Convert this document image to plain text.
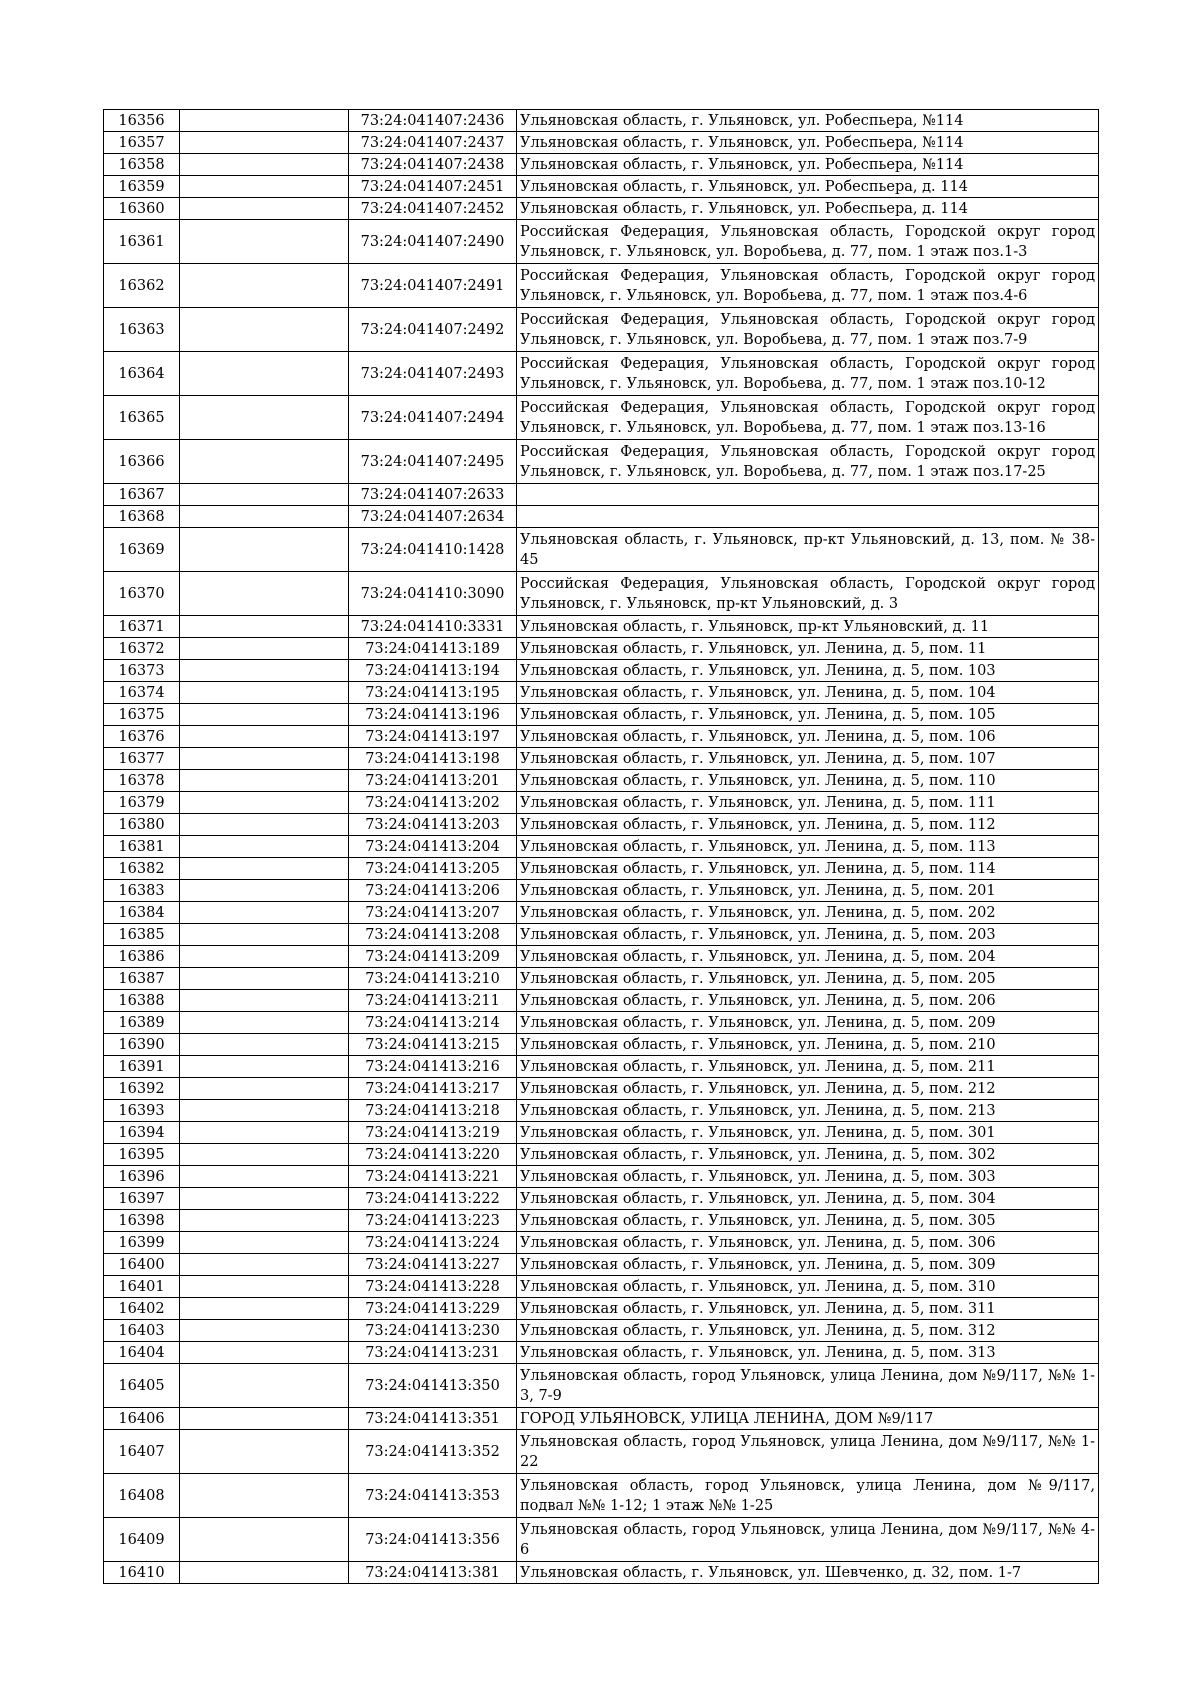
16356		73:24:041407:2436	Ульяновская область, г. Ульяновск, ул. Робеспьера, №114
16357		73:24:041407:2437	Ульяновская область, г. Ульяновск, ул. Робеспьера, №114
16358		73:24:041407:2438	Ульяновская область, г. Ульяновск, ул. Робеспьера, №114
16359		73:24:041407:2451	Ульяновская область, г. Ульяновск, ул. Робеспьера, д. 114
16360		73:24:041407:2452	Ульяновская область, г. Ульяновск, ул. Робеспьера, д. 114
16361		73:24:041407:2490	Российская Федерация, Ульяновская область, Городской округ город Ульяновск, г. Ульяновск, ул. Воробьева, д. 77, пом. 1 этаж поз.1-3
16362		73:24:041407:2491	Российская Федерация, Ульяновская область, Городской округ город Ульяновск, г. Ульяновск, ул. Воробьева, д. 77, пом. 1 этаж поз.4-6
16363		73:24:041407:2492	Российская Федерация, Ульяновская область, Городской округ город Ульяновск, г. Ульяновск, ул. Воробьева, д. 77, пом. 1 этаж поз.7-9
16364		73:24:041407:2493	Российская Федерация, Ульяновская область, Городской округ город Ульяновск, г. Ульяновск, ул. Воробьева, д. 77, пом. 1 этаж поз.10-12
16365		73:24:041407:2494	Российская Федерация, Ульяновская область, Городской округ город Ульяновск, г. Ульяновск, ул. Воробьева, д. 77, пом. 1 этаж поз.13-16
16366		73:24:041407:2495	Российская Федерация, Ульяновская область, Городской округ город Ульяновск, г. Ульяновск, ул. Воробьева, д. 77, пом. 1 этаж поз.17-25
16367		73:24:041407:2633	
16368		73:24:041407:2634	
16369		73:24:041410:1428	Ульяновская область, г. Ульяновск, пр-кт Ульяновский, д. 13, пом. № 38-45
16370		73:24:041410:3090	Российская Федерация, Ульяновская область, Городской округ город Ульяновск, г. Ульяновск, пр-кт Ульяновский, д. 3
16371		73:24:041410:3331	Ульяновская область, г. Ульяновск, пр-кт Ульяновский, д. 11
16372		73:24:041413:189	Ульяновская область, г. Ульяновск, ул. Ленина, д. 5, пом. 11
16373		73:24:041413:194	Ульяновская область, г. Ульяновск, ул. Ленина, д. 5, пом. 103
16374		73:24:041413:195	Ульяновская область, г. Ульяновск, ул. Ленина, д. 5, пом. 104
16375		73:24:041413:196	Ульяновская область, г. Ульяновск, ул. Ленина, д. 5, пом. 105
16376		73:24:041413:197	Ульяновская область, г. Ульяновск, ул. Ленина, д. 5, пом. 106
16377		73:24:041413:198	Ульяновская область, г. Ульяновск, ул. Ленина, д. 5, пом. 107
16378		73:24:041413:201	Ульяновская область, г. Ульяновск, ул. Ленина, д. 5, пом. 110
16379		73:24:041413:202	Ульяновская область, г. Ульяновск, ул. Ленина, д. 5, пом. 111
16380		73:24:041413:203	Ульяновская область, г. Ульяновск, ул. Ленина, д. 5, пом. 112
16381		73:24:041413:204	Ульяновская область, г. Ульяновск, ул. Ленина, д. 5, пом. 113
16382		73:24:041413:205	Ульяновская область, г. Ульяновск, ул. Ленина, д. 5, пом. 114
16383		73:24:041413:206	Ульяновская область, г. Ульяновск, ул. Ленина, д. 5, пом. 201
16384		73:24:041413:207	Ульяновская область, г. Ульяновск, ул. Ленина, д. 5, пом. 202
16385		73:24:041413:208	Ульяновская область, г. Ульяновск, ул. Ленина, д. 5, пом. 203
16386		73:24:041413:209	Ульяновская область, г. Ульяновск, ул. Ленина, д. 5, пом. 204
16387		73:24:041413:210	Ульяновская область, г. Ульяновск, ул. Ленина, д. 5, пом. 205
16388		73:24:041413:211	Ульяновская область, г. Ульяновск, ул. Ленина, д. 5, пом. 206
16389		73:24:041413:214	Ульяновская область, г. Ульяновск, ул. Ленина, д. 5, пом. 209
16390		73:24:041413:215	Ульяновская область, г. Ульяновск, ул. Ленина, д. 5, пом. 210
16391		73:24:041413:216	Ульяновская область, г. Ульяновск, ул. Ленина, д. 5, пом. 211
16392		73:24:041413:217	Ульяновская область, г. Ульяновск, ул. Ленина, д. 5, пом. 212
16393		73:24:041413:218	Ульяновская область, г. Ульяновск, ул. Ленина, д. 5, пом. 213
16394		73:24:041413:219	Ульяновская область, г. Ульяновск, ул. Ленина, д. 5, пом. 301
16395		73:24:041413:220	Ульяновская область, г. Ульяновск, ул. Ленина, д. 5, пом. 302
16396		73:24:041413:221	Ульяновская область, г. Ульяновск, ул. Ленина, д. 5, пом. 303
16397		73:24:041413:222	Ульяновская область, г. Ульяновск, ул. Ленина, д. 5, пом. 304
16398		73:24:041413:223	Ульяновская область, г. Ульяновск, ул. Ленина, д. 5, пом. 305
16399		73:24:041413:224	Ульяновская область, г. Ульяновск, ул. Ленина, д. 5, пом. 306
16400		73:24:041413:227	Ульяновская область, г. Ульяновск, ул. Ленина, д. 5, пом. 309
16401		73:24:041413:228	Ульяновская область, г. Ульяновск, ул. Ленина, д. 5, пом. 310
16402		73:24:041413:229	Ульяновская область, г. Ульяновск, ул. Ленина, д. 5, пом. 311
16403		73:24:041413:230	Ульяновская область, г. Ульяновск, ул. Ленина, д. 5, пом. 312
16404		73:24:041413:231	Ульяновская область, г. Ульяновск, ул. Ленина, д. 5, пом. 313
16405		73:24:041413:350	Ульяновская область, город Ульяновск, улица Ленина, дом №9/117, №№ 1-3, 7-9
16406		73:24:041413:351	ГОРОД УЛЬЯНОВСК, УЛИЦА ЛЕНИНА, ДОМ №9/117
16407		73:24:041413:352	Ульяновская область, город Ульяновск, улица Ленина, дом №9/117, №№ 1-22
16408		73:24:041413:353	Ульяновская область, город Ульяновск, улица Ленина, дом №9/117, подвал №№ 1-12; 1 этаж №№ 1-25
16409		73:24:041413:356	Ульяновская область, город Ульяновск, улица Ленина, дом №9/117, №№ 4-6
16410		73:24:041413:381	Ульяновская область, г. Ульяновск, ул. Шевченко, д. 32, пом. 1-7
